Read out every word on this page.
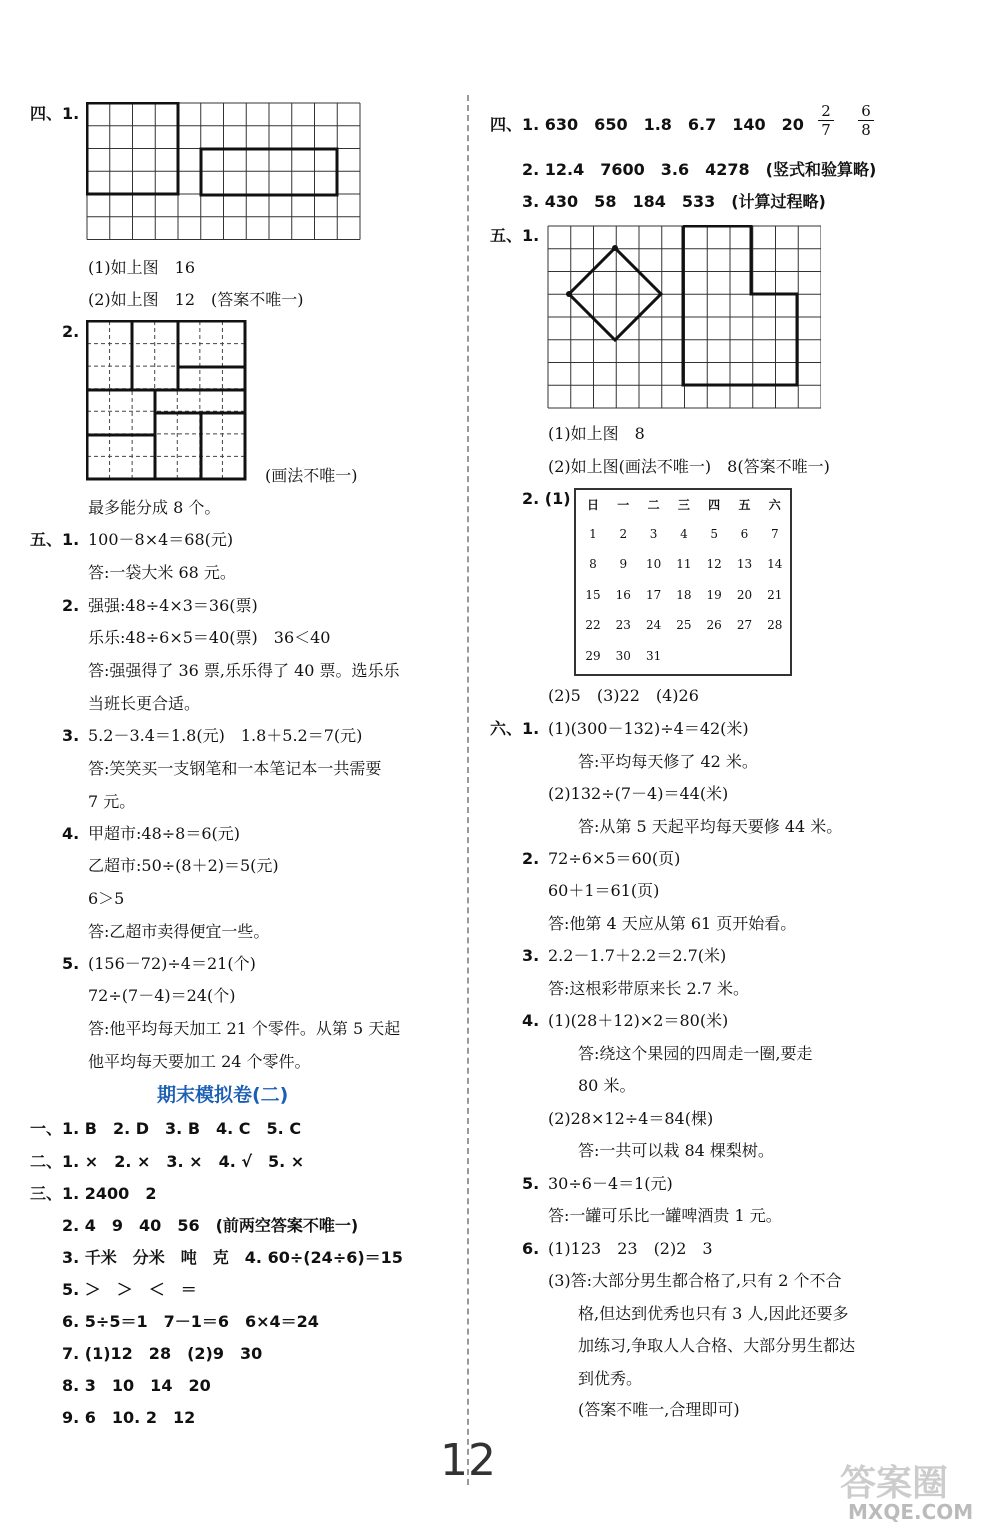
四、1.
(1)如上图　16
(2)如上图　12　(答案不唯一)
2.
(画法不唯一)
最多能分成 8 个。
五、1. 100－8×4＝68(元)
答:一袋大米 68 元。
2. 强强:48÷4×3＝36(票)
乐乐:48÷6×5＝40(票)　36＜40
答:强强得了 36 票,乐乐得了 40 票。选乐乐
当班长更合适。
3. 5.2－3.4＝1.8(元)　1.8＋5.2＝7(元)
答:笑笑买一支钢笔和一本笔记本一共需要
7 元。
4. 甲超市:48÷8＝6(元)
乙超市:50÷(8＋2)＝5(元)
6＞5
答:乙超市卖得便宜一些。
5. (156－72)÷4＝21(个)
72÷(7－4)＝24(个)
答:他平均每天加工 21 个零件。从第 5 天起
他平均每天要加工 24 个零件。
期末模拟卷(二)
一、1. B　2. D　3. B　4. C　5. C
二、1. ×　2. ×　3. ×　4. √　5. ×
三、1. 2400　2
2. 4　9　40　56　(前两空答案不唯一)
3. 千米　分米　吨　克　4. 60÷(24÷6)＝15
5. ＞　＞　＜　＝
6. 5÷5＝1　7－1＝6　6×4＝24
7. (1)12　28　(2)9　30
8. 3　10　14　20
9. 6　10. 2　12
四、1. 630　650　1.8　6.7　140　$20 \frac{2}{7} \frac{6}{8}$
2. 12.4　7600　3.6　4278　(竖式和验算略)
3. 430　58　184　533　(计算过程略)
五、1.
(1)如上图　8
(2)如上图(画法不唯一)　8(答案不唯一)
2. (1)	日	一	二	三	四	五	六
1	2	3	4	5	6	7
8	9	10	11	12	13	14
15	16	17	18	19	20	21
22	23	24	25	26	27	28
29	30	31
(2)5　(3)22　(4)26
六、1. (1)(300－132)÷4＝42(米)
答:平均每天修了 42 米。
(2)132÷(7－4)＝44(米)
答:从第 5 天起平均每天要修 44 米。
2. 72÷6×5＝60(页)
60＋1＝61(页)
答:他第 4 天应从第 61 页开始看。
3. 2.2－1.7＋2.2＝2.7(米)
答:这根彩带原来长 2.7 米。
4. (1)(28＋12)×2＝80(米)
答:绕这个果园的四周走一圈,要走
80 米。
(2)28×12÷4＝84(棵)
答:一共可以栽 84 棵梨树。
5. 30÷6－4＝1(元)
答:一罐可乐比一罐啤酒贵 1 元。
6. (1)123　23　(2)2　3
(3)答:大部分男生都合格了,只有 2 个不合
格,但达到优秀也只有 3 人,因此还要多
加练习,争取人人合格、大部分男生都达
到优秀。
(答案不唯一,合理即可)
12	答案圈
MXQE.COM
